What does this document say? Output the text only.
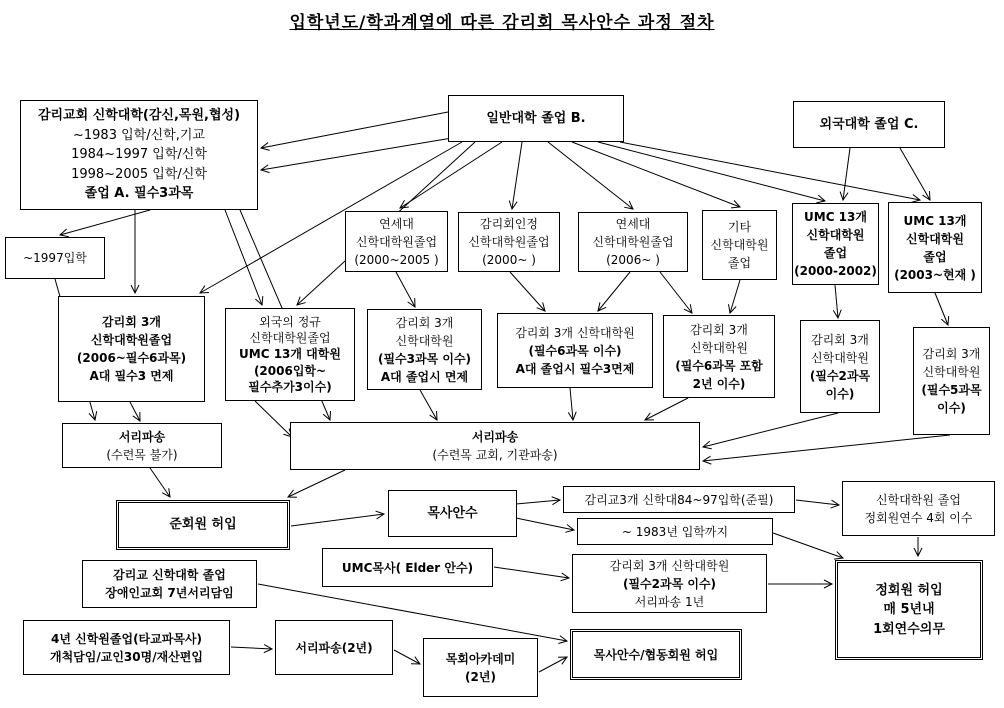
입학년도/학과계열에 따른 감리회 목사안수 과정 절차
감리교회 신학대학(감신,목원,협성)
~1983 입학/신학,기교
1984~1997 입학/신학
1998~2005 입학/신학
졸업 A. 필수3과목
일반대학 졸업 B.	외국대학 졸업 C.
~1997입학
연세대
신학대학원졸업
(2000~2005 )
감리회인정
신학대학원졸업
(2000~ )
연세대
신학대학원졸업
(2006~ )
기타
신학대학원
졸업
UMC 13개
신학대학원
졸업
(2000-2002)
UMC 13개
신학대학원
졸업
(2003~현재 )
감리회 3개
신학대학원졸업
(2006~필수6과목)
A대 필수3 면제
외국의 정규
신학대학원졸업
UMC 13개 대학원
(2006입학~
필수추가3이수)
감리회 3개
신학대학원
(필수3과목 이수)
A대 졸업시 면제
감리회 3개 신학대학원
(필수6과목 이수)
A대 졸업시 필수3면제
감리회 3개
신학대학원
(필수6과목 포함
2년 이수)
감리회 3개
신학대학원
(필수2과목
이수)
감리회 3개
신학대학원
(필수5과목
이수)
서리파송
(수련목 불가)
서리파송
(수련목 교회, 기관파송)
준회원 허입
목사안수
감리교3개 신학대84~97입학(준필)
~ 1983년 입학까지
신학대학원 졸업
정회원연수 4회 이수
감리교 신학대학 졸업
장애인교회 7년서리담임
UMC목사( Elder 안수)	감리회 3개 신학대학원
(필수2과목 이수)
서리파송 1년
정회원 허입
매 5년내
1회연수의무
4년 신학원졸업(타교파목사)
개척담임/교인30명/재산편입
서리파송(2년)
목회아카데미
(2년)
목사안수/협동회원 허입
